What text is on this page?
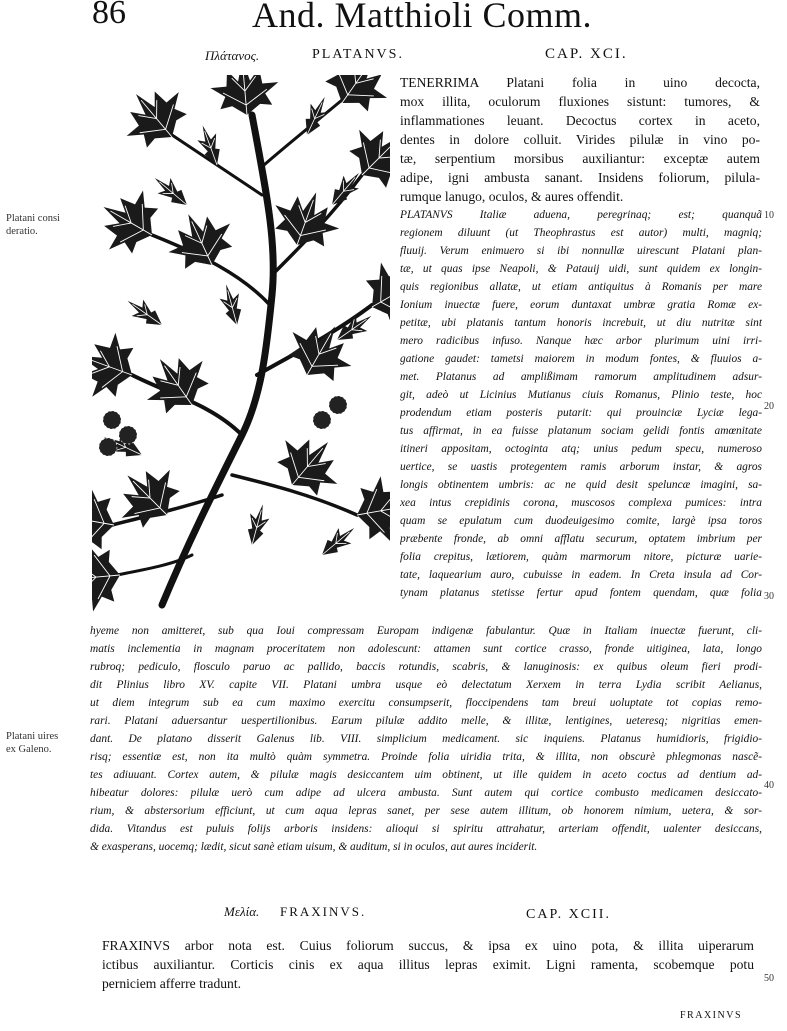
86	And. Matthioli Comm.
Πλάτανος.	PLATANVS.	CAP. XCI.
Platani consi
deratio.
Platani uires
ex Galeno.
10
20
30
40
50
TENERRIMA Platani folia in uino decocta,
mox illita, oculorum fluxiones sistunt: tumores, &
inflammationes leuant. Decoctus cortex in aceto,
dentes in dolore colluit. Virides pilulæ in vino po-
tæ, serpentium morsibus auxiliantur: exceptæ autem
adipe, igni ambusta sanant. Insidens foliorum, pilula-
rumque lanugo, oculos, & aures offendit.
PLATANVS Italiæ aduena, peregrinaq; est; quanquã
regionem diluunt (ut Theophrastus est autor) multi, magniq;
fluuij. Verum enimuero si ibi nonnullæ uirescunt Platani plan-
tæ, ut quas ipse Neapoli, & Patauij uidi, sunt quidem ex longin-
quis regionibus allatæ, ut etiam antiquitus à Romanis per mare
Ionium inuectæ fuere, eorum duntaxat umbræ gratia Romæ ex-
petitæ, ubi platanis tantum honoris increbuit, ut diu nutritæ sint
mero radicibus infuso. Nanque hæc arbor plurimum uini irri-
gatione gaudet: tametsi maiorem in modum fontes, & fluuios a-
met. Platanus ad amplißimam ramorum amplitudinem adsur-
git, adeò ut Licinius Mutianus ciuis Romanus, Plinio teste, hoc
prodendum etiam posteris putarit: qui prouinciæ Lyciæ lega-
tus affirmat, in ea fuisse platanum sociam gelidi fontis amœnitate
itineri appositam, octoginta atq; unius pedum specu, numeroso
uertice, se uastis protegentem ramis arborum instar, & agros
longis obtinentem umbris: ac ne quid desit speluncæ imagini, sa-
xea intus crepidinis corona, muscosos complexa pumices: intra
quam se epulatum cum duodeuigesimo comite, largè ipsa toros
præbente fronde, ab omni afflatu securum, optatem imbrium per
folia crepitus, lætiorem, quàm marmorum nitore, picturæ uarie-
tate, laquearium auro, cubuisse in eadem. In Creta insula ad Cor-
tynam platanus stetisse fertur apud fontem quendam, quæ folia
hyeme non amitteret, sub qua Ioui compressam Europam indigenæ fabulantur. Quæ in Italiam inuectæ fuerunt, cli-
matis inclementia in magnam proceritatem non adolescunt: attamen sunt cortice crasso, fronde uitiginea, lata, longo
rubroq; pediculo, flosculo paruo ac pallido, baccis rotundis, scabris, & lanuginosis: ex quibus oleum fieri prodi-
dit Plinius libro XV. capite VII. Platani umbra usque eò delectatum Xerxem in terra Lydia scribit Aelianus,
ut diem integrum sub ea cum maximo exercitu consumpserit, floccipendens tam breui uoluptate tot copias remo-
rari. Platani aduersantur uespertilionibus. Earum pilulæ addito melle, & illitæ, lentigines, ueteresq; nigritias emen-
dant. De platano disserit Galenus lib. VIII. simplicium medicament. sic inquiens. Platanus humidioris, frigidio-
risq; essentiæ est, non ita multò quàm symmetra. Proinde folia uiridia trita, & illita, non obscurè phlegmonas nascẽ-
tes adiuuant. Cortex autem, & pilulæ magis desiccantem uim obtinent, ut ille quidem in aceto coctus ad dentium ad-
hibeatur dolores: pilulæ uerò cum adipe ad ulcera ambusta. Sunt autem qui cortice combusto medicamen desiccato-
rium, & abstersorium efficiunt, ut cum aqua lepras sanet, per sese autem illitum, ob honorem nimium, uetera, & sor-
dida. Vitandus est puluis folijs arboris insidens: alioqui si spiritu attrahatur, arteriam offendit, ualenter desiccans,
& exasperans, uocemq; lædit, sicut sanè etiam uisum, & auditum, si in oculos, aut aures inciderit.
Μελία. FRAXINVS.	CAP. XCII.
FRAXINVS arbor nota est. Cuius foliorum succus, & ipsa ex uino pota, & illita uiperarum
ictibus auxiliantur. Corticis cinis ex aqua illitus lepras eximit. Ligni ramenta, scobemque potu
perniciem afferre tradunt.
FRAXINVS
